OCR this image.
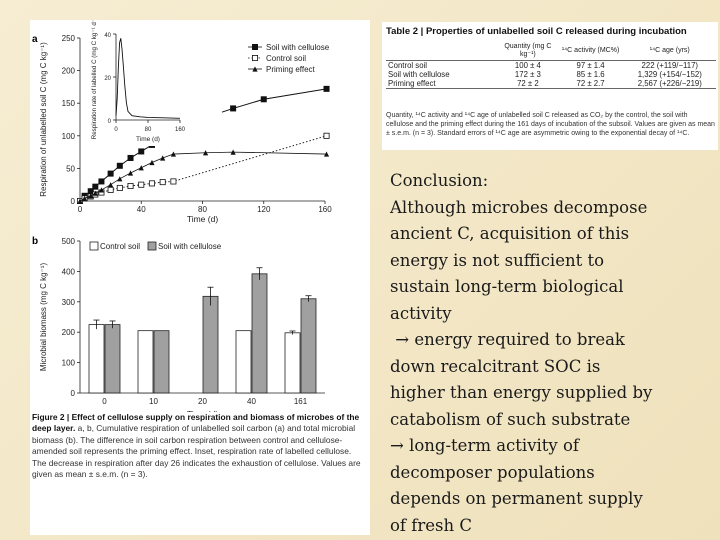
a
b
0
50
100
150
200
250
0	40	80	120	160
Time (d)
Respiration of unlabelled soil C (mg C kg⁻¹)	Soil with cellulose
Control soil
Priming effect
0
20
40
0	80	160
Time (d)
Respiration rate of labelled C (mg C kg⁻¹ d⁻¹)
0
100
200
300
400
500
Microbial biomass (mg C kg⁻¹)
0	10	20	40	161
Control soil Soil with cellulose
Figure 2 | Effect of cellulose supply on respiration and biomass of microbes of the deep layer. a, b, Cumulative respiration of unlabelled soil carbon (a) and total microbial biomass (b). The difference in soil carbon respiration between control and cellulose-amended soil represents the priming effect. Inset, respiration rate of labelled cellulose. The decrease in respiration after day 26 indicates the exhaustion of cellulose. Values are given as mean ± s.e.m. (n = 3).
Table 2 | Properties of unlabelled soil C released during incubation
	Quantity (mg C kg⁻¹)	¹⁴C activity (MC%)	¹⁴C age (yrs)
Control soil	100 ± 4	97 ± 1.4	222 (+119/−117)
Soil with cellulose	172 ± 3	85 ± 1.6	1,329 (+154/−152)
Priming effect	72 ± 2	72 ± 2.7	2,567 (+226/−219)
Quantity, ¹⁴C activity and ¹⁴C age of unlabelled soil C released as CO₂ by the control, the soil with cellulose and the priming effect during the 161 days of incubation of the subsoil. Values are given as mean ± s.e.m. (n = 3). Standard errors of ¹⁴C age are asymmetric owing to the exponential decay of ¹⁴C.
Conclusion:
Although microbes decompose
ancient C, acquisition of this
energy is not sufficient to
sustain long-term biological
activity
→ energy required to break
down recalcitrant SOC is
higher than energy supplied by
catabolism of such substrate
→ long-term activity of
decomposer populations
depends on permanent supply
of fresh C
